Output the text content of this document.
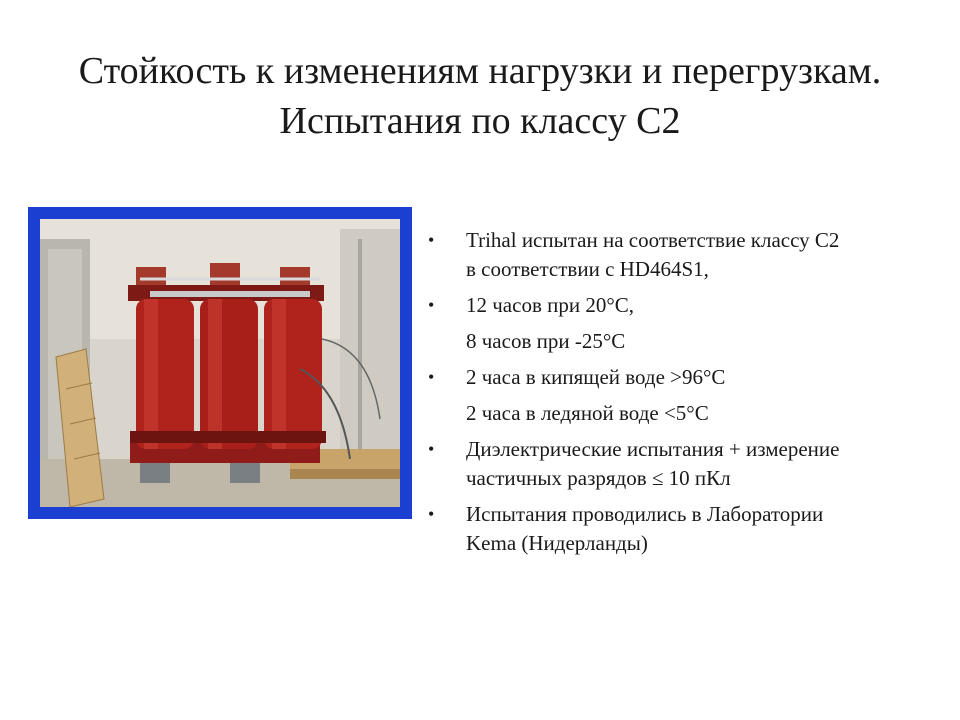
Стойкость к изменениям нагрузки и перегрузкам.
Испытания по классу С2
•	Trihal испытан на соответствие классу С2
в соответствии с HD464S1,
•	12 часов при 20°С,
8 часов при -25°С
•	2 часа в кипящей воде >96°С
2 часа в ледяной воде <5°С
•	Диэлектрические испытания + измерение
частичных разрядов ≤ 10 пКл
•	Испытания проводились в Лаборатории
Kema (Нидерланды)
